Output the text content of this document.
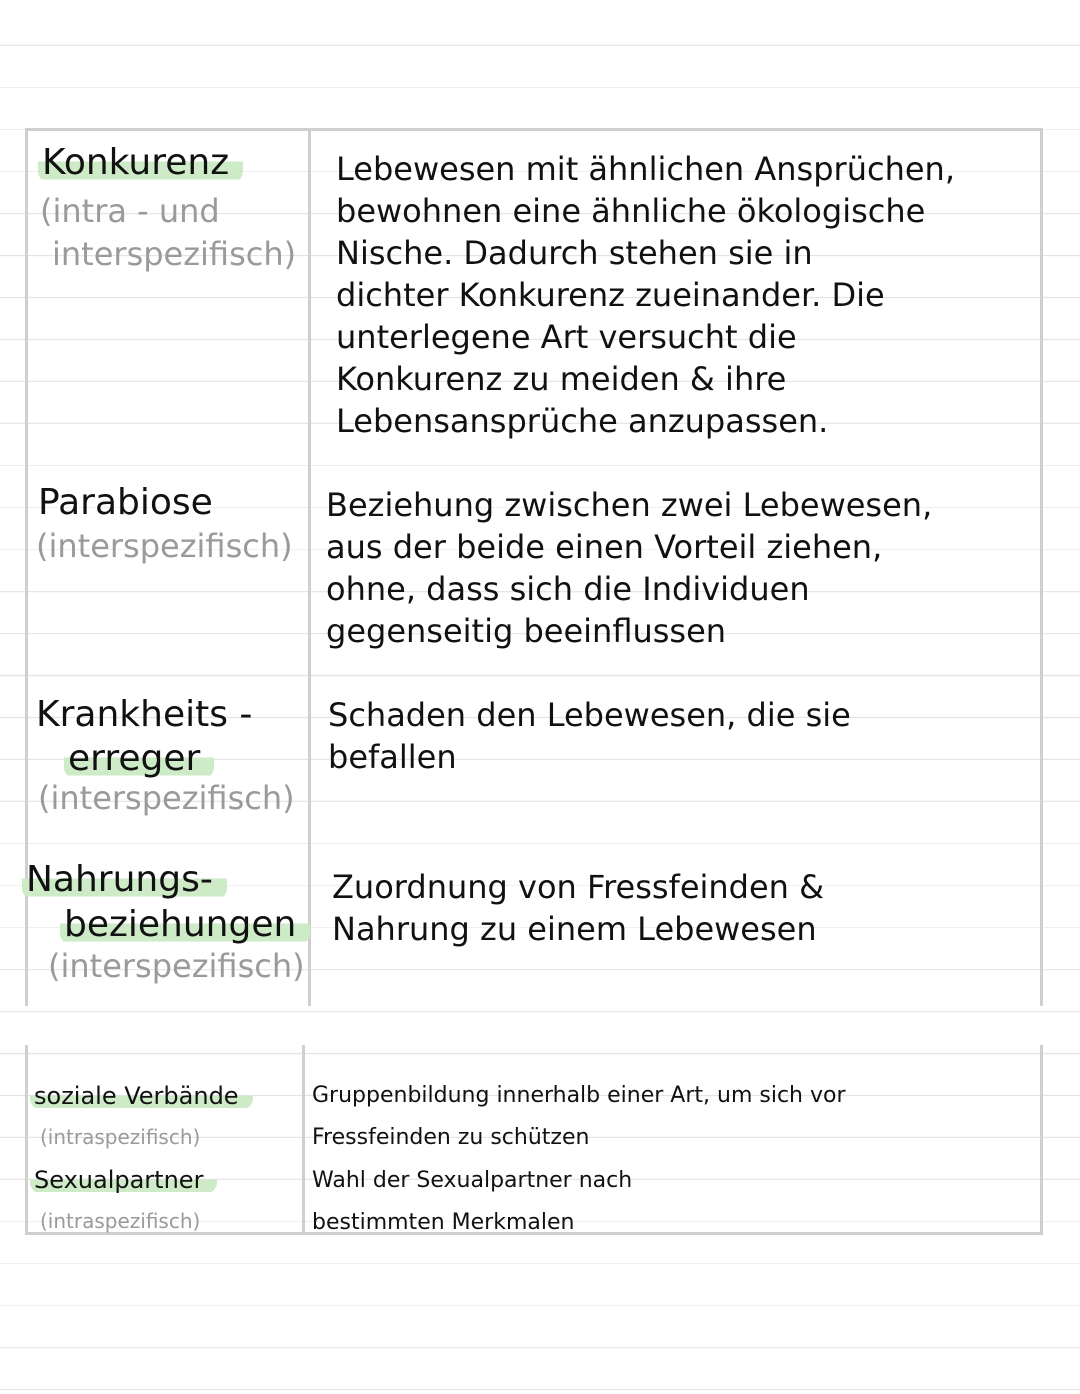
Konkurenz
(intra - und
interspezifisch)
Lebewesen mit ähnlichen Ansprüchen,
bewohnen eine ähnliche ökologische
Nische. Dadurch stehen sie in
dichter Konkurenz zueinander. Die
unterlegene Art versucht die
Konkurenz zu meiden & ihre
Lebensansprüche anzupassen.
Parabiose
(interspezifisch)
Beziehung zwischen zwei Lebewesen,
aus der beide einen Vorteil ziehen,
ohne, dass sich die Individuen
gegenseitig beeinflussen
Krankheits -
erreger
(interspezifisch)
Schaden den Lebewesen, die sie
befallen
Nahrungs-
beziehungen
(interspezifisch)
Zuordnung von Fressfeinden &
Nahrung zu einem Lebewesen
soziale Verbände
(intraspezifisch)
Gruppenbildung innerhalb einer Art, um sich vor
Fressfeinden zu schützen
Sexualpartner
(intraspezifisch)
Wahl der Sexualpartner nach
bestimmten Merkmalen
